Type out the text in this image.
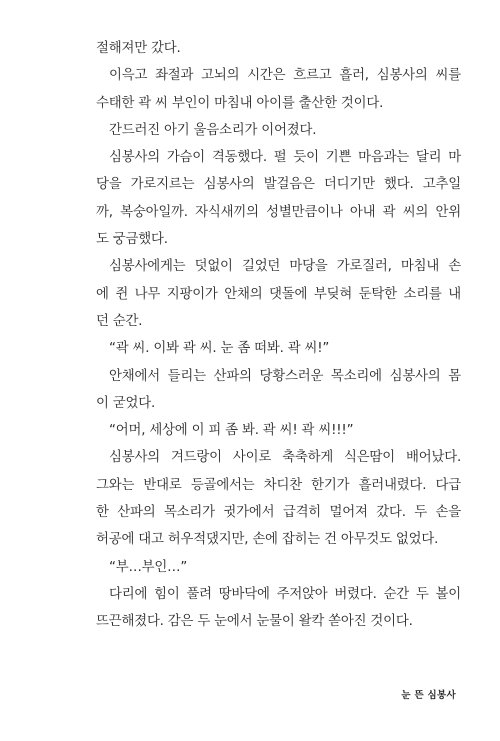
절해져만 갔다.
이윽고 좌절과 고뇌의 시간은 흐르고 흘러, 심봉사의 씨를
수태한 곽 씨 부인이 마침내 아이를 출산한 것이다.
간드러진 아기 울음소리가 이어졌다.
심봉사의 가슴이 격동했다. 펄 듯이 기쁜 마음과는 달리 마
당을 가로지르는 심봉사의 발걸음은 더디기만 했다. 고추일
까, 복숭아일까. 자식새끼의 성별만큼이나 아내 곽 씨의 안위
도 궁금했다.
심봉사에게는 덧없이 길었던 마당을 가로질러, 마침내 손
에 쥔 나무 지팡이가 안채의 댓돌에 부딪혀 둔탁한 소리를 내
던 순간.
“곽 씨. 이봐 곽 씨. 눈 좀 떠봐. 곽 씨!”
안채에서 들리는 산파의 당황스러운 목소리에 심봉사의 몸
이 굳었다.
“어머, 세상에 이 피 좀 봐. 곽 씨! 곽 씨!!!”
심봉사의 겨드랑이 사이로 축축하게 식은땀이 배어났다.
그와는 반대로 등골에서는 차디찬 한기가 흘러내렸다. 다급
한 산파의 목소리가 귓가에서 급격히 멀어져 갔다. 두 손을
허공에 대고 허우적댔지만, 손에 잡히는 건 아무것도 없었다.
“부…부인…”
다리에 힘이 풀려 땅바닥에 주저앉아 버렸다. 순간 두 볼이
뜨끈해졌다. 감은 두 눈에서 눈물이 왈칵 쏟아진 것이다.
눈 뜬 심봉사
